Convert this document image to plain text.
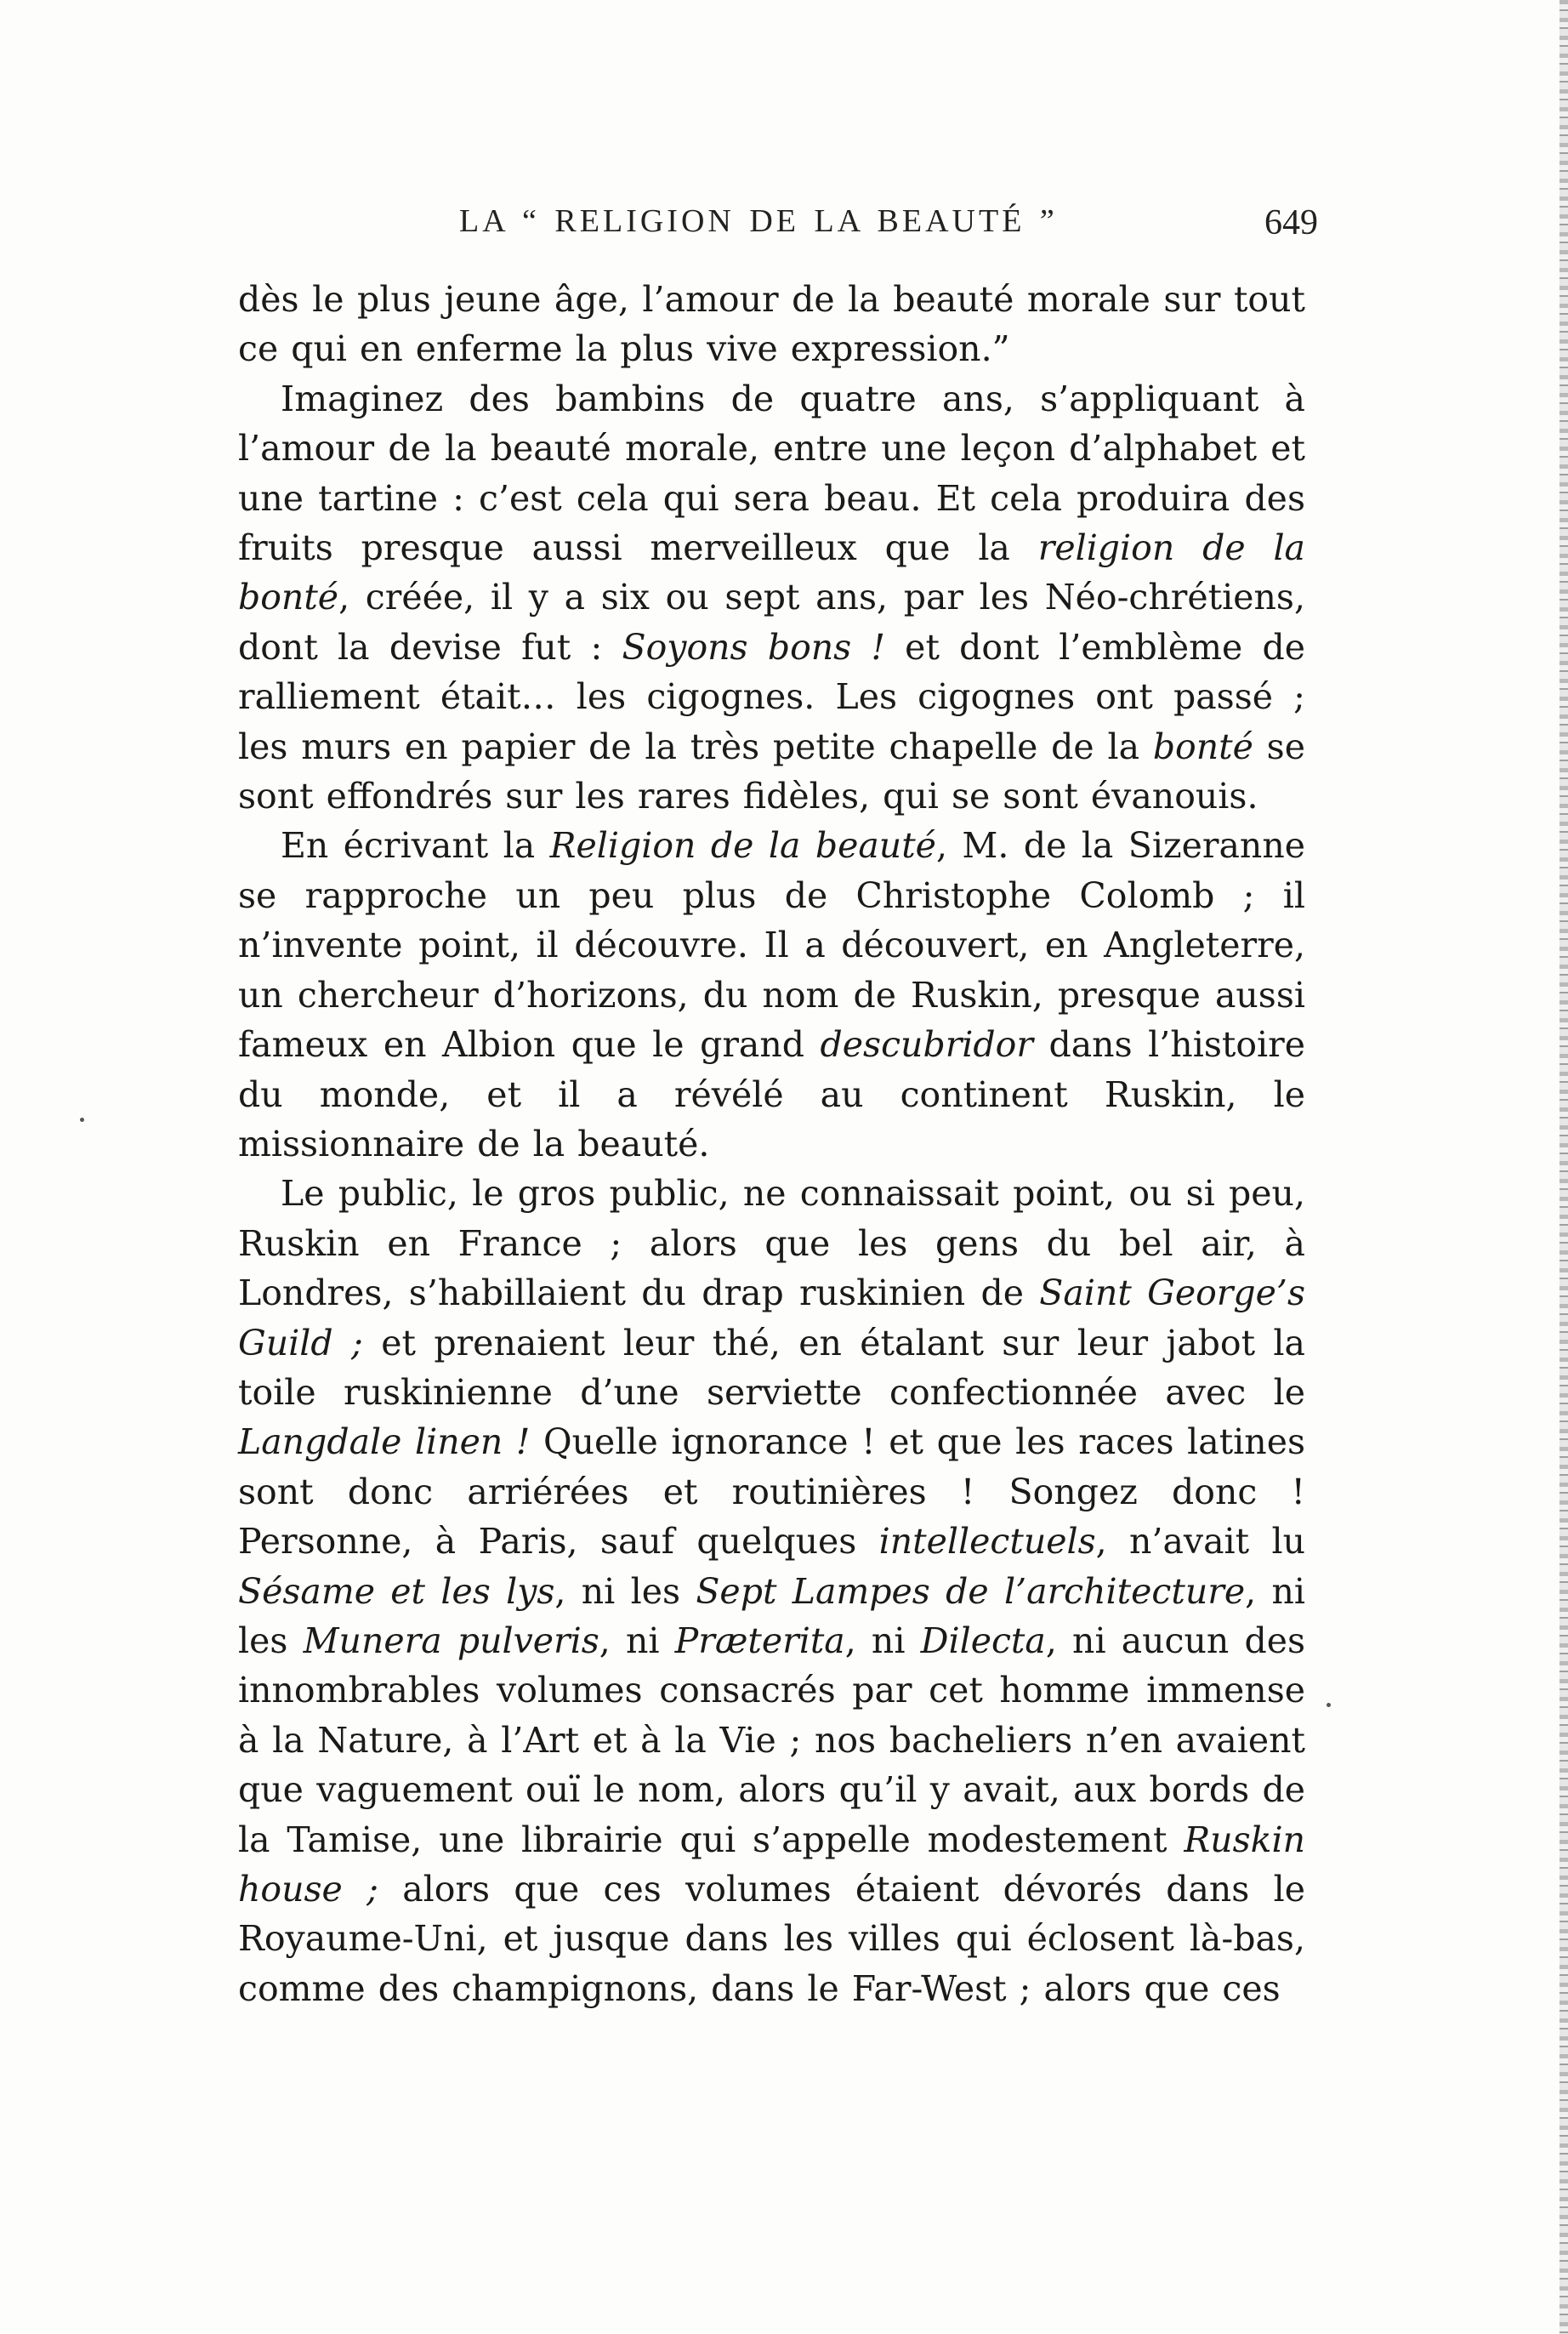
LA “ RELIGION DE LA BEAUTÉ ”	649

dès le plus jeune âge, l’amour de la beauté morale sur tout ce qui en enferme la plus vive expression.”

Imaginez des bambins de quatre ans, s’appliquant à l’amour de la beauté morale, entre une leçon d’alphabet et une tartine : c’est cela qui sera beau. Et cela produira des fruits presque aussi merveilleux que la religion de la bonté, créée, il y a six ou sept ans, par les Néo-chrétiens, dont la devise fut : Soyons bons ! et dont l’emblème de ralliement était… les cigognes. Les cigognes ont passé ; les murs en papier de la très petite chapelle de la bonté se sont effondrés sur les rares fidèles, qui se sont évanouis.

En écrivant la Religion de la beauté, M. de la Sizeranne se rapproche un peu plus de Christophe Colomb ; il n’invente point, il découvre. Il a découvert, en Angleterre, un chercheur d’horizons, du nom de Ruskin, presque aussi fameux en Albion que le grand descubridor dans l’histoire du monde, et il a révélé au continent Ruskin, le missionnaire de la beauté.

Le public, le gros public, ne connaissait point, ou si peu, Ruskin en France ; alors que les gens du bel air, à Londres, s’habillaient du drap ruskinien de Saint George’s Guild ; et prenaient leur thé, en étalant sur leur jabot la toile ruskinienne d’une serviette confectionnée avec le Langdale linen ! Quelle ignorance ! et que les races latines sont donc arriérées et routinières ! Songez donc ! Personne, à Paris, sauf quelques intellectuels, n’avait lu Sésame et les lys, ni les Sept Lampes de l’architecture, ni les Munera pulveris, ni Præterita, ni Dilecta, ni aucun des innombrables volumes consacrés par cet homme immense à la Nature, à l’Art et à la Vie ; nos bacheliers n’en avaient que vaguement ouï le nom, alors qu’il y avait, aux bords de la Tamise, une librairie qui s’appelle modestement Ruskin house ; alors que ces volumes étaient dévorés dans le Royaume-Uni, et jusque dans les villes qui éclosent là-bas, comme des champignons, dans le Far-West ; alors que ces
